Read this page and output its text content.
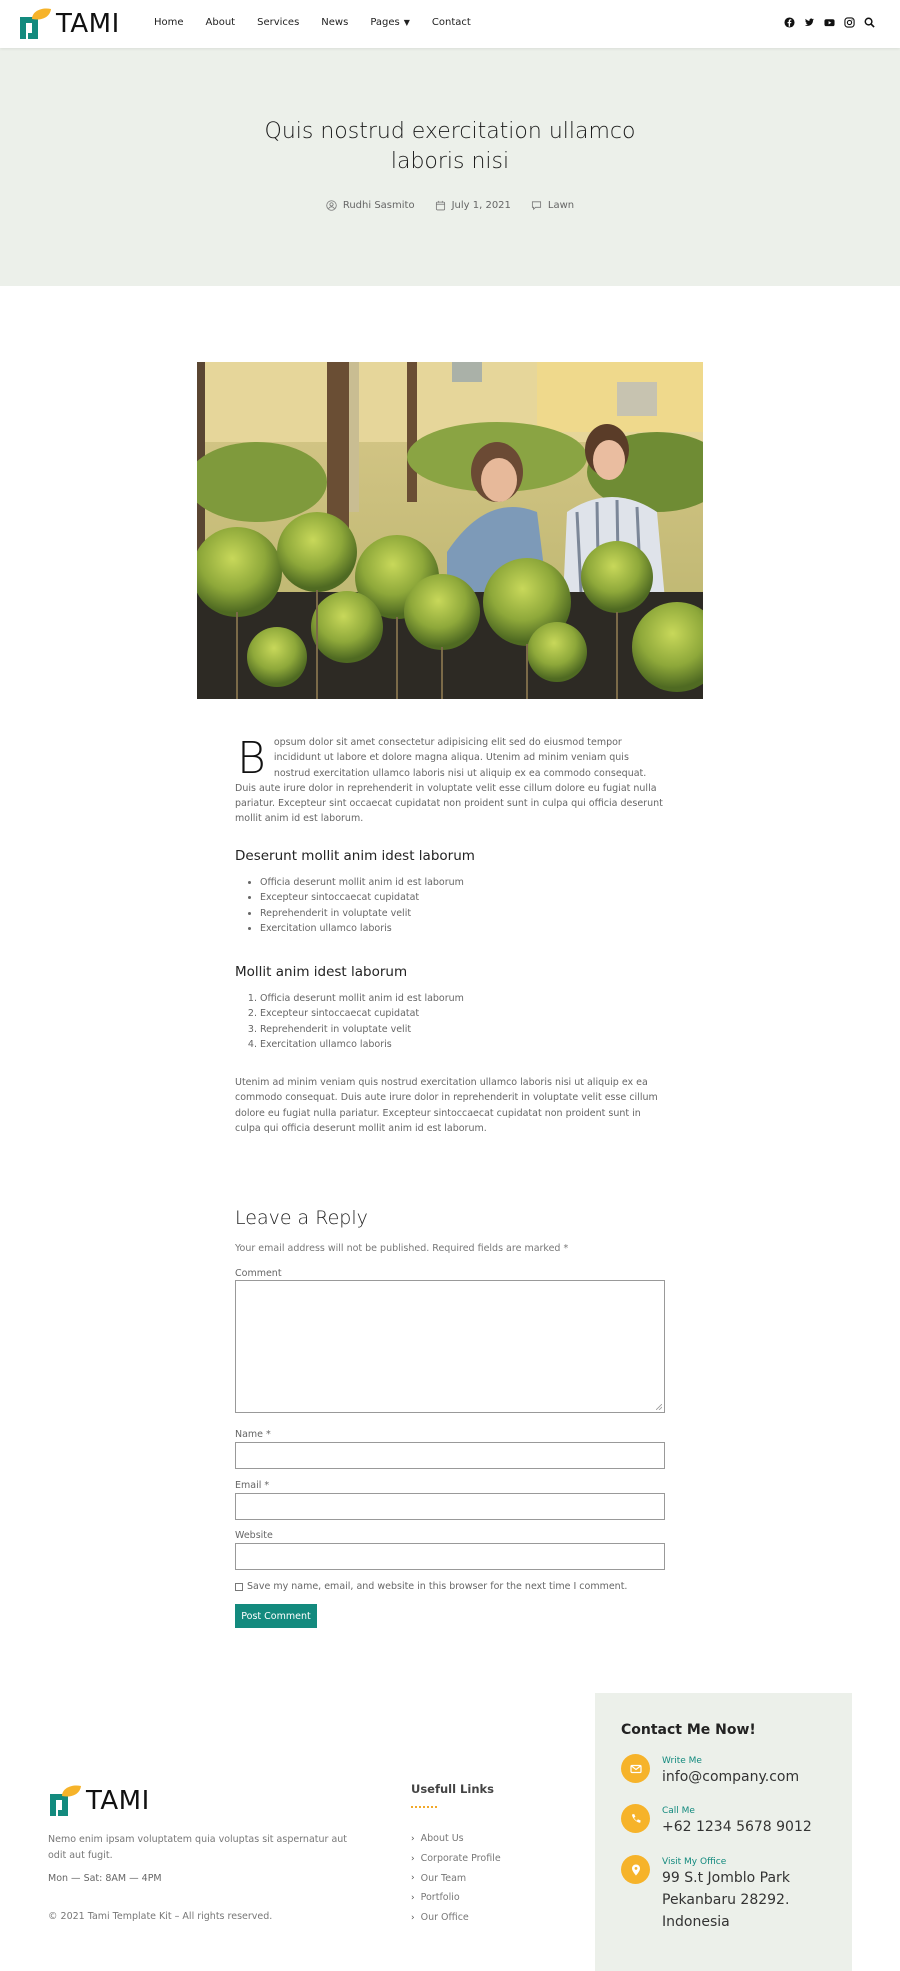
TAMI	Home About Services News Pages ▼ Contact
Quis nostrud exercitation ullamco laboris nisi
Rudhi Sasmito	July 1, 2021	Lawn
B opsum dolor sit amet consectetur adipisicing elit sed do eiusmod tempor incididunt ut labore et dolore magna aliqua. Utenim ad minim veniam quis nostrud exercitation ullamco laboris nisi ut aliquip ex ea commodo consequat. Duis aute irure dolor in reprehenderit in voluptate velit esse cillum dolore eu fugiat nulla pariatur. Excepteur sint occaecat cupidatat non proident sunt in culpa qui officia deserunt mollit anim id est laborum.
Deserunt mollit anim idest laborum
• Officia deserunt mollit anim id est laborum
• Excepteur sintoccaecat cupidatat
• Reprehenderit in voluptate velit
• Exercitation ullamco laboris
Mollit anim idest laborum
1. Officia deserunt mollit anim id est laborum
2. Excepteur sintoccaecat cupidatat
3. Reprehenderit in voluptate velit
4. Exercitation ullamco laboris

Utenim ad minim veniam quis nostrud exercitation ullamco laboris nisi ut aliquip ex ea commodo consequat. Duis aute irure dolor in reprehenderit in voluptate velit esse cillum dolore eu fugiat nulla pariatur. Excepteur sintoccaecat cupidatat non proident sunt in culpa qui officia deserunt mollit anim id est laborum.

Leave a Reply

Your email address will not be published. Required fields are marked *

Comment
Name *
Email *
Website
Save my name, email, and website in this browser for the next time I comment.
Post Comment
TAMI

Nemo enim ipsam voluptatem quia voluptas sit aspernatur aut odit aut fugit.

Mon — Sat: 8AM — 4PM

© 2021 Tami Template Kit – All rights reserved.

Usefull Links
› About Us
› Corporate Profile
› Our Team
› Portfolio
› Our Office
Contact Me Now!
Write Me
info@company.com
Call Me
+62 1234 5678 9012
Visit My Office
99 S.t Jomblo Park
Pekanbaru 28292.
Indonesia
